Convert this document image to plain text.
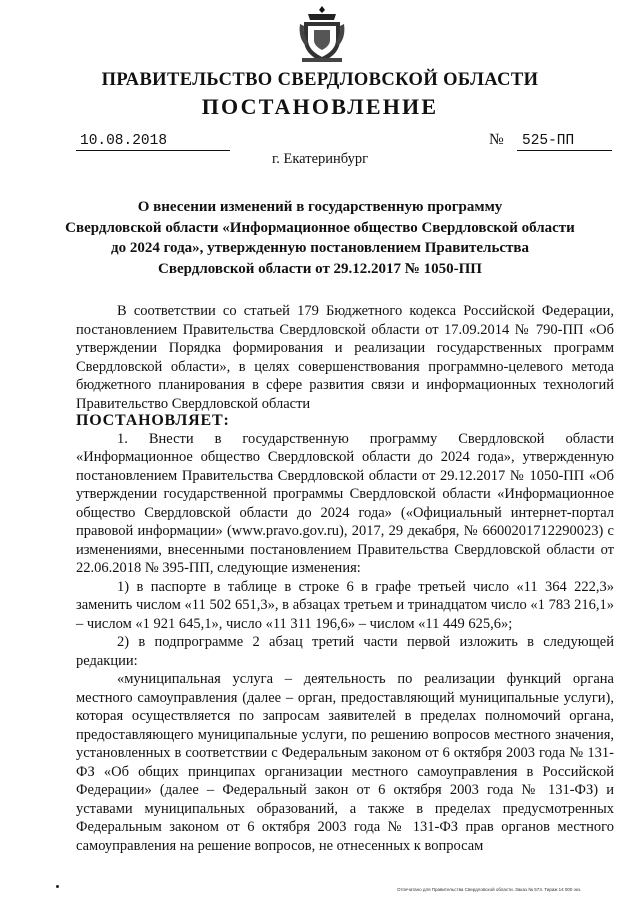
ПРАВИТЕЛЬСТВО СВЕРДЛОВСКОЙ ОБЛАСТИ
ПОСТАНОВЛЕНИЕ
10.08.2018	№	525-ПП
г. Екатеринбург
О внесении изменений в государственную программу
Свердловской области «Информационное общество Свердловской области
до 2024 года», утвержденную постановлением Правительства
Свердловской области от 29.12.2017 № 1050-ПП
В соответствии со статьей 179 Бюджетного кодекса Российской Федерации, постановлением Правительства Свердловской области от 17.09.2014 № 790-ПП «Об утверждении Порядка формирования и реализации государственных программ Свердловской области», в целях совершенствования программно-целевого метода бюджетного планирования в сфере развития связи и информационных технологий Правительство Свердловской области
ПОСТАНОВЛЯЕТ:
1. Внести в государственную программу Свердловской области «Информационное общество Свердловской области до 2024 года», утвержденную постановлением Правительства Свердловской области от 29.12.2017 № 1050-ПП «Об утверждении государственной программы Свердловской области «Информационное общество Свердловской области до 2024 года» («Официальный интернет-портал правовой информации» (www.pravo.gov.ru), 2017, 29 декабря, № 6600201712290023) с изменениями, внесенными постановлением Правительства Свердловской области от 22.06.2018 № 395-ПП, следующие изменения:
1) в паспорте в таблице в строке 6 в графе третьей число «11 364 222,3» заменить числом «11 502 651,3», в абзацах третьем и тринадцатом число «1 783 216,1» – числом «1 921 645,1», число «11 311 196,6» – числом «11 449 625,6»;
2) в подпрограмме 2 абзац третий части первой изложить в следующей редакции:
«муниципальная услуга – деятельность по реализации функций органа местного самоуправления (далее – орган, предоставляющий муниципальные услуги), которая осуществляется по запросам заявителей в пределах полномочий органа, предоставляющего муниципальные услуги, по решению вопросов местного значения, установленных в соответствии с Федеральным законом от 6 октября 2003 года № 131-ФЗ «Об общих принципах организации местного самоуправления в Российской Федерации» (далее – Федеральный закон от 6 октября 2003 года № 131-ФЗ) и уставами муниципальных образований, а также в пределах предусмотренных Федеральным законом от 6 октября 2003 года № 131-ФЗ прав органов местного самоуправления на решение вопросов, не отнесенных к вопросам
Отпечатано для Правительства Свердловской области. Заказ № 573. Тираж 14 000 экз.
